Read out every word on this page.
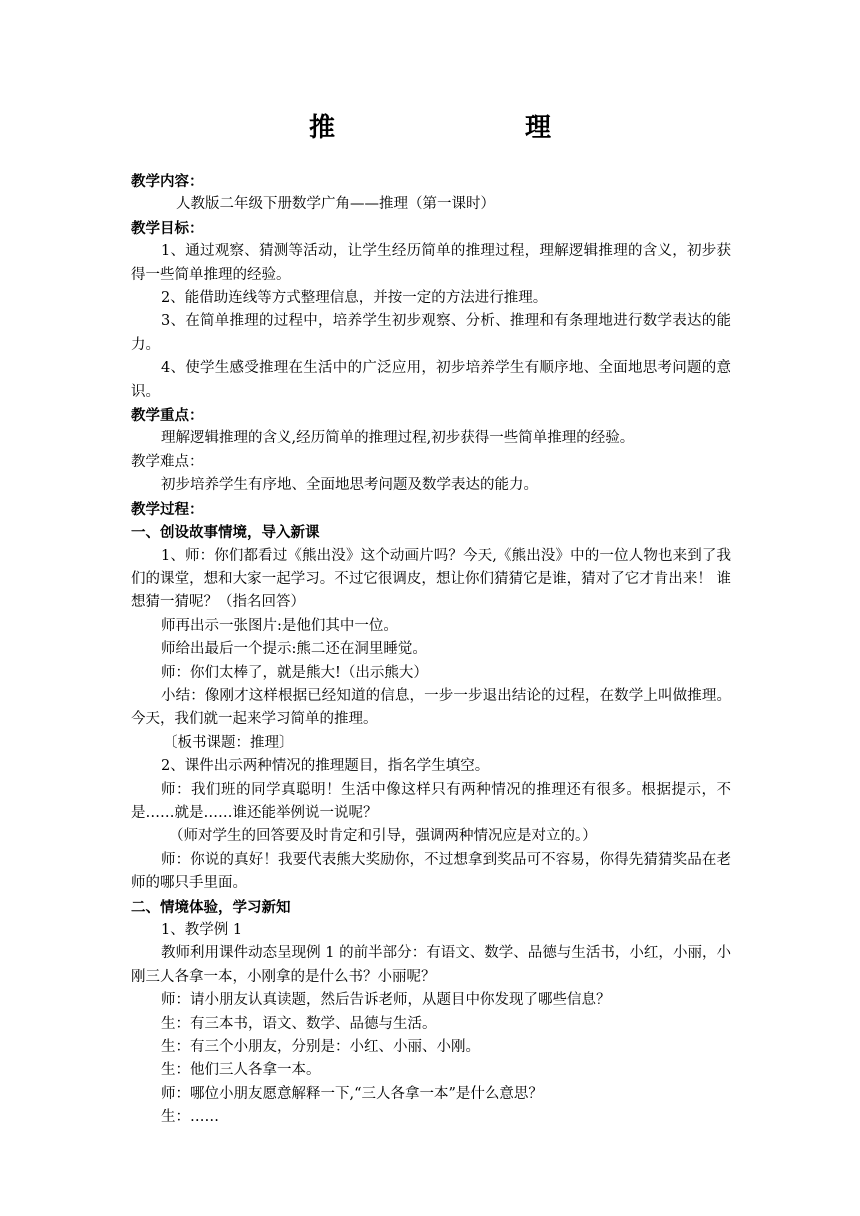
推　　理

教学内容：

人教版二年级下册数学广角——推理（第一课时）

教学目标：

1、通过观察、猜测等活动，让学生经历简单的推理过程，理解逻辑推理的含义，初步获得一些简单推理的经验。

2、能借助连线等方式整理信息，并按一定的方法进行推理。

3、在简单推理的过程中，培养学生初步观察、分析、推理和有条理地进行数学表达的能力。

4、使学生感受推理在生活中的广泛应用，初步培养学生有顺序地、全面地思考问题的意识。

教学重点：

理解逻辑推理的含义,经历简单的推理过程,初步获得一些简单推理的经验。

教学难点：

初步培养学生有序地、全面地思考问题及数学表达的能力。

教学过程：

一、创设故事情境，导入新课

1、师：你们都看过《熊出没》这个动画片吗？今天,《熊出没》中的一位人物也来到了我们的课堂，想和大家一起学习。不过它很调皮，想让你们猜猜它是谁，猜对了它才肯出来！ 谁想猜一猜呢？（指名回答）

师再出示一张图片:是他们其中一位。

师给出最后一个提示:熊二还在洞里睡觉。

师：你们太棒了，就是熊大!（出示熊大）

小结：像刚才这样根据已经知道的信息，一步一步退出结论的过程，在数学上叫做推理。今天，我们就一起来学习简单的推理。

〔板书课题：推理〕

2、课件出示两种情况的推理题目，指名学生填空。

师：我们班的同学真聪明！生活中像这样只有两种情况的推理还有很多。根据提示，不是……就是……谁还能举例说一说呢？

（师对学生的回答要及时肯定和引导，强调两种情况应是对立的。）

师：你说的真好！我要代表熊大奖励你，不过想拿到奖品可不容易，你得先猜猜奖品在老师的哪只手里面。

二、情境体验，学习新知

1、教学例 1

教师利用课件动态呈现例 1 的前半部分：有语文、数学、品德与生活书，小红，小丽，小刚三人各拿一本，小刚拿的是什么书？小丽呢？

师：请小朋友认真读题，然后告诉老师，从题目中你发现了哪些信息？

生：有三本书，语文、数学、品德与生活。

生：有三个小朋友，分别是：小红、小丽、小刚。

生：他们三人各拿一本。

师：哪位小朋友愿意解释一下,“三人各拿一本”是什么意思？

生：……
